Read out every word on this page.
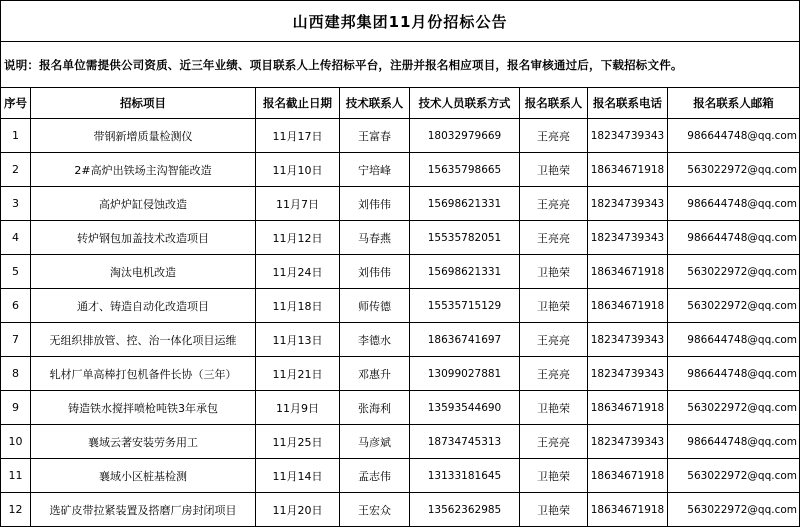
山西建邦集团11月份招标公告							
说明：报名单位需提供公司资质、近三年业绩、项目联系人上传招标平台，注册并报名相应项目，报名审核通过后，下载招标文件。							
序号	招标项目	报名截止日期	技术联系人	技术人员联系方式	报名联系人	报名联系电话	报名联系人邮箱
1	带钢新增质量检测仪	11月17日	王富春	18032979669	王亮亮	18234739343	986644748@qq.com
2	2#高炉出铁场主沟智能改造	11月10日	宁培峰	15635798665	卫艳荣	18634671918	563022972@qq.com
3	高炉炉缸侵蚀改造	11月7日	刘伟伟	15698621331	王亮亮	18234739343	986644748@qq.com
4	转炉钢包加盖技术改造项目	11月12日	马春燕	15535782051	王亮亮	18234739343	986644748@qq.com
5	淘汰电机改造	11月24日	刘伟伟	15698621331	卫艳荣	18634671918	563022972@qq.com
6	通才、铸造自动化改造项目	11月18日	师传德	15535715129	卫艳荣	18634671918	563022972@qq.com
7	无组织排放管、控、治一体化项目运维	11月13日	李德水	18636741697	王亮亮	18234739343	986644748@qq.com
8	轧材厂单高棒打包机备件长协（三年）	11月21日	邓惠升	13099027881	王亮亮	18234739343	986644748@qq.com
9	铸造铁水搅拌喷枪吨铁3年承包	11月9日	张海利	13593544690	卫艳荣	18634671918	563022972@qq.com
10	襄域云著安装劳务用工	11月25日	马彦斌	18734745313	王亮亮	18234739343	986644748@qq.com
11	襄域小区桩基检测	11月14日	孟志伟	13133181645	卫艳荣	18634671918	563022972@qq.com
12	选矿皮带拉紧装置及搭磨厂房封闭项目	11月20日	王宏众	13562362985	卫艳荣	18634671918	563022972@qq.com
